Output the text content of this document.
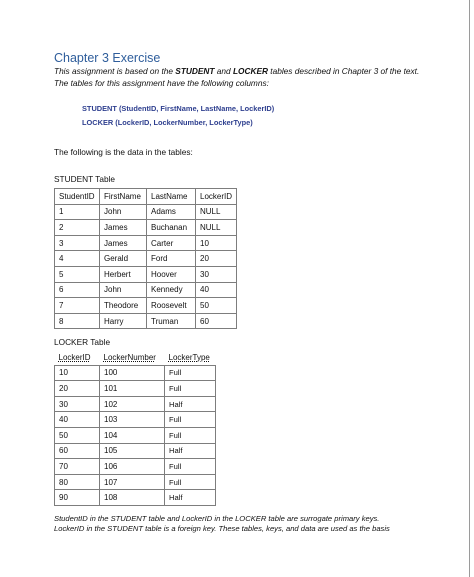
Chapter 3 Exercise
This assignment is based on the STUDENT and LOCKER tables described in Chapter 3 of the text. The tables for this assignment have the following columns:
STUDENT (StudentID, FirstName, LastName, LockerID)
LOCKER (LockerID, LockerNumber, LockerType)
The following is the data in the tables:
STUDENT Table
StudentID	FirstName	LastName	LockerID
1	John	Adams	NULL
2	James	Buchanan	NULL
3	James	Carter	10
4	Gerald	Ford	20
5	Herbert	Hoover	30
6	John	Kennedy	40
7	Theodore	Roosevelt	50
8	Harry	Truman	60
LOCKER Table
LockerID	LockerNumber	LockerType
10	100	Full
20	101	Full
30	102	Half
40	103	Full
50	104	Full
60	105	Half
70	106	Full
80	107	Full
90	108	Half
StudentID in the STUDENT table and LockerID in the LOCKER table are surrogate primary keys.
LockerID in the STUDENT table is a foreign key. These tables, keys, and data are used as the basis
